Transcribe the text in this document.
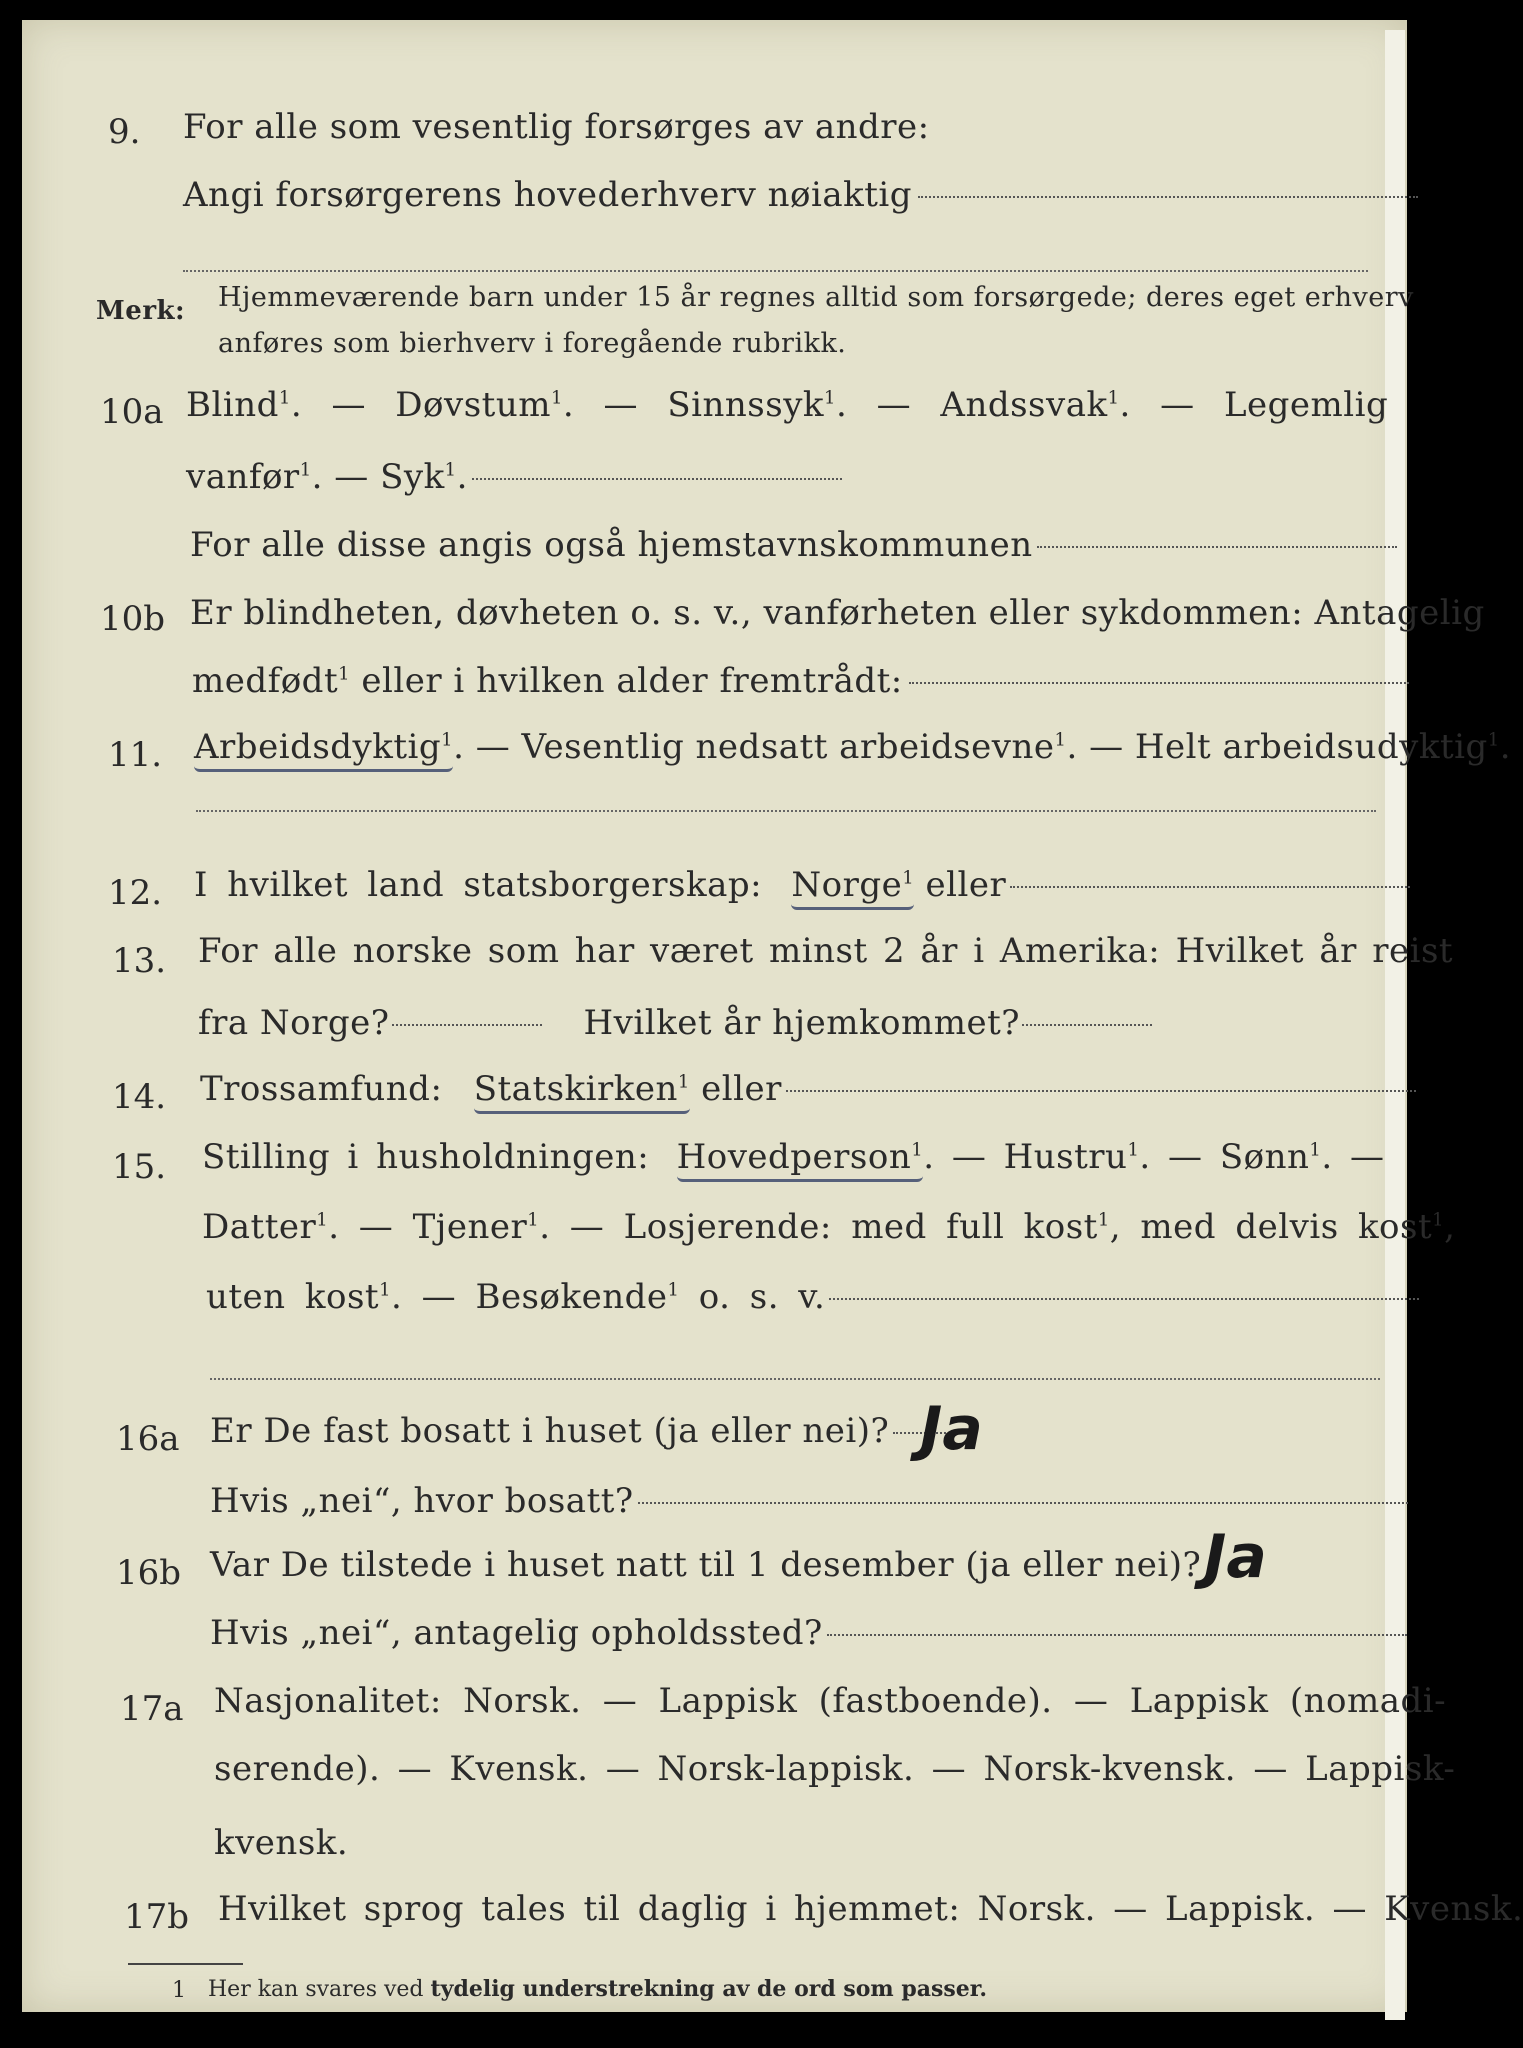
9. For alle som vesentlig forsørges av andre:
Angi forsørgerens hovederhverv nøiaktig
Merk: Hjemmeværende barn under 15 år regnes alltid som forsørgede; deres eget erhverv
anføres som bierhverv i foregående rubrikk.
10a Blind$^1$. — Døvstum$^1$. — Sinnssyk$^1$. — Andssvak$^1$. — Legemlig
vanfør$^1$. — Syk$^1$.
For alle disse angis også hjemstavnskommunen
10b Er blindheten, døvheten o. s. v., vanførheten eller sykdommen: Antagelig
medfødt$^1$ eller i hvilken alder fremtrådt:
11. Arbeidsdyktig$^1$. — Vesentlig nedsatt arbeidsevne$^1$. — Helt arbeidsudyktig$^1$.
12. I hvilket land statsborgerskap: Norge$^1$ eller
13. For alle norske som har været minst 2 år i Amerika: Hvilket år reist
fra Norge?	Hvilket år hjemkommet?
14. Trossamfund: Statskirken$^1$ eller
15. Stilling i husholdningen: Hovedperson$^1$. — Hustru$^1$. — Sønn$^1$. —
Datter$^1$. — Tjener$^1$. — Losjerende: med full kost$^1$, med delvis kost$^1$,
uten kost$^1$. — Besøkende$^1$ o. s. v.
16a Er De fast bosatt i huset (ja eller nei)? Ja
Hvis „nei“, hvor bosatt?
16b Var De tilstede i huset natt til 1 desember (ja eller nei)? Ja
Hvis „nei“, antagelig opholdssted?
17a Nasjonalitet: Norsk. — Lappisk (fastboende). — Lappisk (nomadi-
serende). — Kvensk. — Norsk-lappisk. — Norsk-kvensk. — Lappisk-
kvensk.
17b Hvilket sprog tales til daglig i hjemmet: Norsk. — Lappisk. — Kvensk.
1 Her kan svares ved tydelig understrekning av de ord som passer.
